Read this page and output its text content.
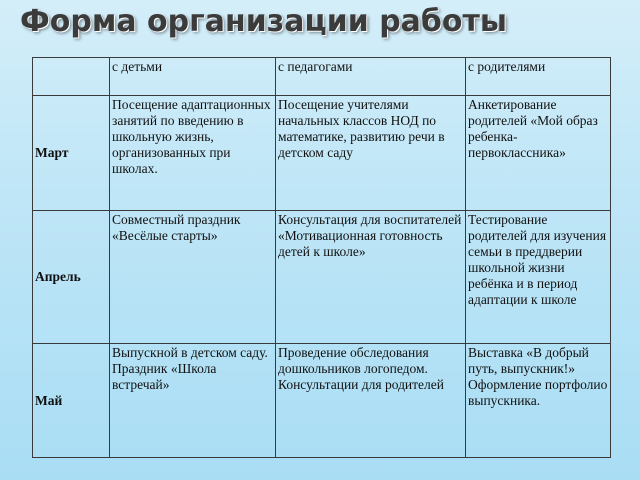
Форма организации работы
	с детьми	с педагогами	с родителями
Март	Посещение адаптационных занятий по введению в школьную жизнь, организованных при школах.	Посещение учителями начальных классов НОД по математике, развитию речи в детском саду	Анкетирование родителей «Мой образ ребенка-первоклассника»
Апрель	Совместный праздник «Весёлые старты»	Консультация для воспитателей «Мотивационная готовность детей к школе»	Тестирование родителей для изучения семьи в преддверии школьной жизни ребёнка и в период адаптации к школе
Май	Выпускной в детском саду. Праздник «Школа встречай»	Проведение обследования дошкольников логопедом. Консультации для родителей	Выставка «В добрый путь, выпускник!» Оформление портфолио выпускника.
